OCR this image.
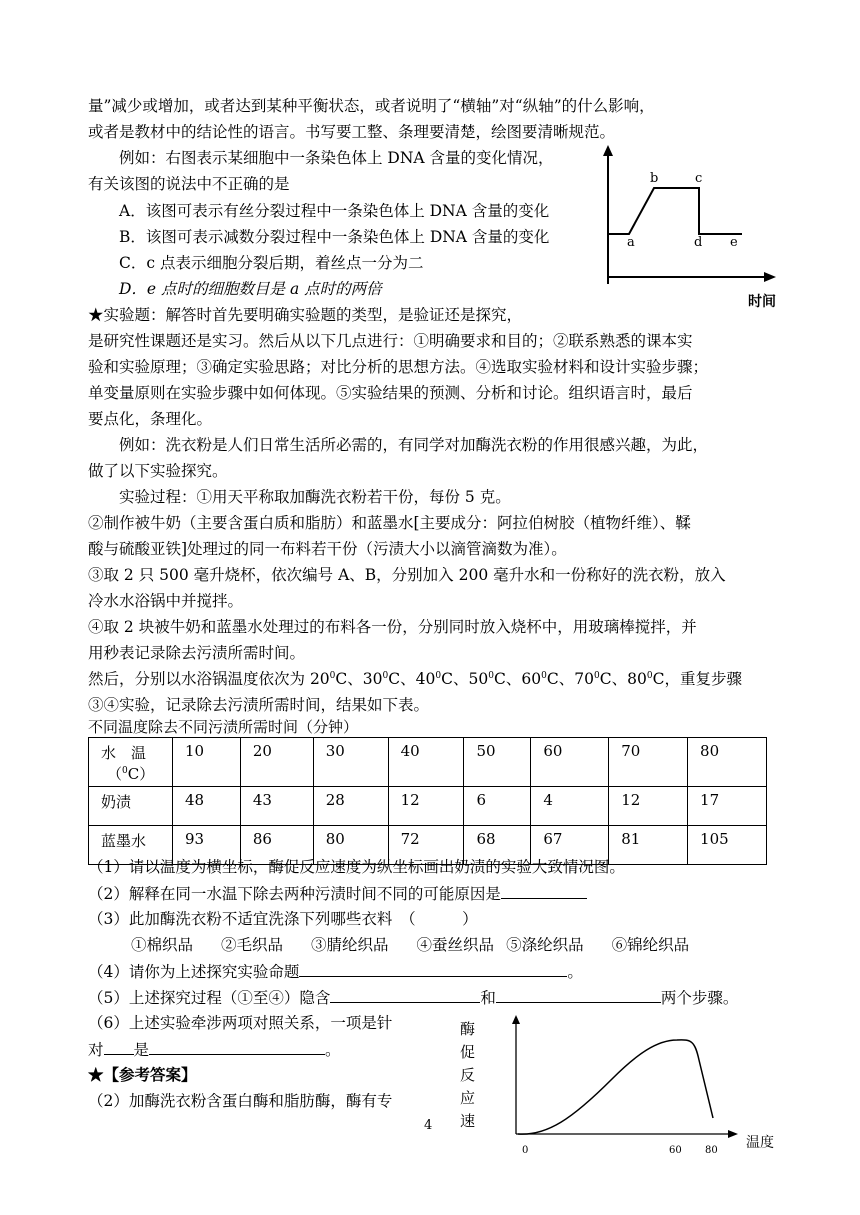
量”减少或增加，或者达到某种平衡状态，或者说明了“横轴”对“纵轴”的什么影响，
或者是教材中的结论性的语言。书写要工整、条理要清楚，绘图要清晰规范。
例如：右图表示某细胞中一条染色体上 DNA 含量的变化情况，
有关该图的说法中不正确的是
A．该图可表示有丝分裂过程中一条染色体上 DNA 含量的变化
B．该图可表示减数分裂过程中一条染色体上 DNA 含量的变化
C．c 点表示细胞分裂后期，着丝点一分为二
D．e 点时的细胞数目是 a 点时的两倍
a
b	c
d e
时间
★实验题：解答时首先要明确实验题的类型，是验证还是探究，
是研究性课题还是实习。然后从以下几点进行：①明确要求和目的；②联系熟悉的课本实
验和实验原理；③确定实验思路；对比分析的思想方法。④选取实验材料和设计实验步骤；
单变量原则在实验步骤中如何体现。⑤实验结果的预测、分析和讨论。组织语言时，最后
要点化，条理化。
例如：洗衣粉是人们日常生活所必需的，有同学对加酶洗衣粉的作用很感兴趣，为此，
做了以下实验探究。
实验过程：①用天平称取加酶洗衣粉若干份，每份 5 克。
②制作被牛奶（主要含蛋白质和脂肪）和蓝墨水[主要成分：阿拉伯树胶（植物纤维）、鞣
酸与硫酸亚铁]处理过的同一布料若干份（污渍大小以滴管滴数为准）。
③取 2 只 500 毫升烧杯，依次编号 A、B，分别加入 200 毫升水和一份称好的洗衣粉，放入
冷水水浴锅中并搅拌。
④取 2 块被牛奶和蓝墨水处理过的布料各一份，分别同时放入烧杯中，用玻璃棒搅拌，并
用秒表记录除去污渍所需时间。
然后，分别以水浴锅温度依次为 $20^0C$、$30^0C$、$40^0C$、$50^0C$、$60^0C$、$70^0C$、$80^0C$，重复步骤
③④实验，记录除去污渍所需时间，结果如下表。
不同温度除去不同污渍所需时间（分钟）
水　温
（$^0$C）	10	20	30	40	50	60	70	80
奶渍	48	43	28	12	6	4	12	17
蓝墨水	93	86	80	72	68	67	81	105
（1）请以温度为横坐标，酶促反应速度为纵坐标画出奶渍的实验大致情况图。
（2）解释在同一水温下除去两种污渍时间不同的可能原因是
（3）此加酶洗衣粉不适宜洗涤下列哪些衣料　（　　　）
①棉织品 ②毛织品 ③腈纶织品 ④蚕丝织品 ⑤涤纶织品 ⑥锦纶织品
（4）请你为上述探究实验命题	。
（5）上述探究过程（①至④）隐含	和	两个步骤。
（6）上述实验牵涉两项对照关系，一项是针
对 是	。
★【参考答案】
（2）加酶洗衣粉含蛋白酶和脂肪酶，酶有专
4
酶
促
反
应
速
0	60 80 温度
